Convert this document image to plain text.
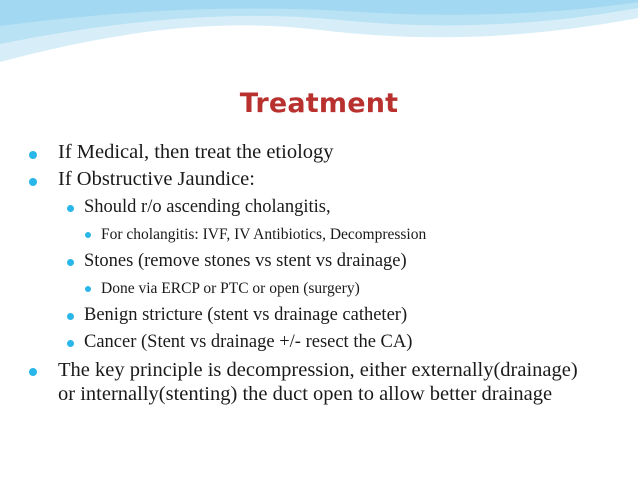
Treatment
If Medical, then treat the etiology
If Obstructive Jaundice:
Should r/o ascending cholangitis,
For cholangitis: IVF, IV Antibiotics, Decompression
Stones (remove stones vs stent vs drainage)
Done via ERCP or PTC or open (surgery)
Benign stricture (stent vs drainage catheter)
Cancer (Stent vs drainage +/- resect the CA)
The key principle is decompression, either externally(drainage) or internally(stenting) the duct open to allow better drainage
